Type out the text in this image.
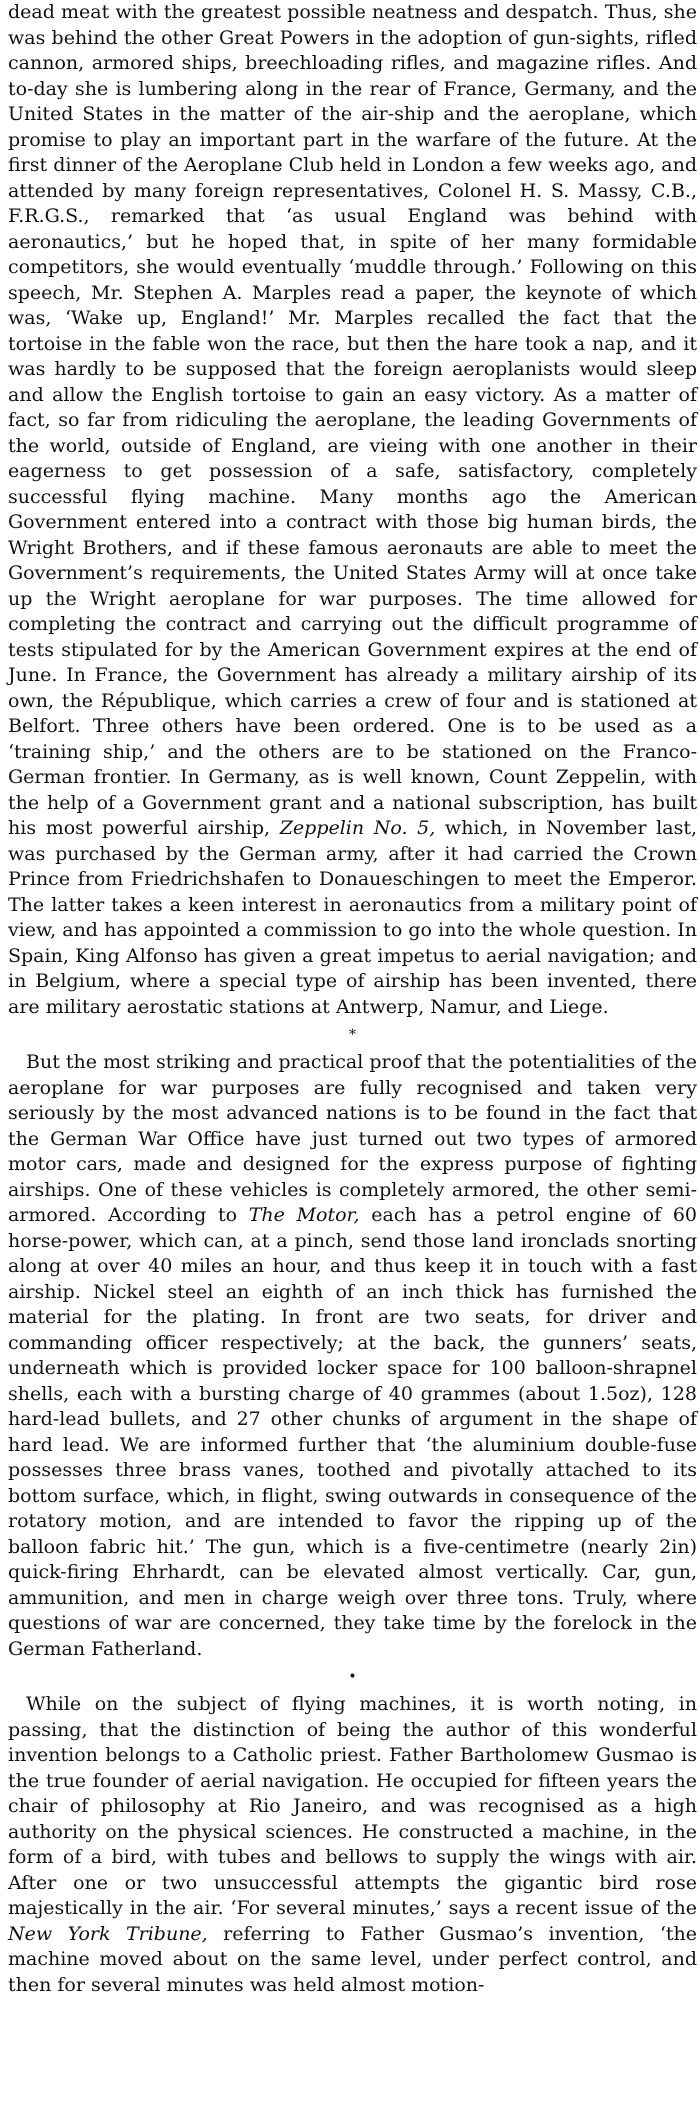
dead meat with the greatest possible neatness and despatch. Thus, she was behind the other Great Powers in the adoption of gun-sights, rifled cannon, armored ships, breechloading rifles, and magazine rifles. And to-day she is lumbering along in the rear of France, Germany, and the United States in the matter of the air-ship and the aeroplane, which promise to play an important part in the warfare of the future. At the first dinner of the Aeroplane Club held in London a few weeks ago, and attended by many foreign representatives, Colonel H. S. Massy, C.B., F.R.G.S., remarked that ‘as usual England was behind with aeronautics,’ but he hoped that, in spite of her many formidable competitors, she would eventually ‘muddle through.’ Following on this speech, Mr. Stephen A. Marples read a paper, the keynote of which was, ‘Wake up, England!’ Mr. Marples recalled the fact that the tortoise in the fable won the race, but then the hare took a nap, and it was hardly to be supposed that the foreign aeroplanists would sleep and allow the English tortoise to gain an easy victory. As a matter of fact, so far from ridiculing the aeroplane, the leading Governments of the world, outside of England, are vieing with one another in their eagerness to get possession of a safe, satisfactory, completely successful flying machine. Many months ago the American Government entered into a contract with those big human birds, the Wright Brothers, and if these famous aeronauts are able to meet the Government’s requirements, the United States Army will at once take up the Wright aeroplane for war purposes. The time allowed for completing the contract and carrying out the difficult programme of tests stipulated for by the American Government expires at the end of June. In France, the Government has already a military airship of its own, the République, which carries a crew of four and is stationed at Belfort. Three others have been ordered. One is to be used as a ‘training ship,’ and the others are to be stationed on the Franco-German frontier. In Germany, as is well known, Count Zeppelin, with the help of a Government grant and a national subscription, has built his most powerful airship, Zeppelin No. 5, which, in November last, was purchased by the German army, after it had carried the Crown Prince from Friedrichshafen to Donaueschingen to meet the Emperor. The latter takes a keen interest in aeronautics from a military point of view, and has appointed a commission to go into the whole question. In Spain, King Alfonso has given a great impetus to aerial navigation; and in Belgium, where a special type of airship has been invented, there are military aerostatic stations at Antwerp, Namur, and Liege.

*

But the most striking and practical proof that the potentialities of the aeroplane for war purposes are fully recognised and taken very seriously by the most advanced nations is to be found in the fact that the German War Office have just turned out two types of armored motor cars, made and designed for the express purpose of fighting airships. One of these vehicles is completely armored, the other semi-armored. According to The Motor, each has a petrol engine of 60 horse-power, which can, at a pinch, send those land ironclads snorting along at over 40 miles an hour, and thus keep it in touch with a fast airship. Nickel steel an eighth of an inch thick has furnished the material for the plating. In front are two seats, for driver and commanding officer respectively; at the back, the gunners’ seats, underneath which is provided locker space for 100 balloon-shrapnel shells, each with a bursting charge of 40 grammes (about 1.5oz), 128 hard-lead bullets, and 27 other chunks of argument in the shape of hard lead. We are informed further that ‘the aluminium double-fuse possesses three brass vanes, toothed and pivotally attached to its bottom surface, which, in flight, swing outwards in consequence of the rotatory motion, and are intended to favor the ripping up of the balloon fabric hit.’ The gun, which is a five-centimetre (nearly 2in) quick-firing Ehrhardt, can be elevated almost vertically. Car, gun, ammunition, and men in charge weigh over three tons. Truly, where questions of war are concerned, they take time by the forelock in the German Fatherland.

•

While on the subject of flying machines, it is worth noting, in passing, that the distinction of being the author of this wonderful invention belongs to a Catholic priest. Father Bartholomew Gusmao is the true founder of aerial navigation. He occupied for fifteen years the chair of philosophy at Rio Janeiro, and was recognised as a high authority on the physical sciences. He constructed a machine, in the form of a bird, with tubes and bellows to supply the wings with air. After one or two unsuccessful attempts the gigantic bird rose majestically in the air. ‘For several minutes,’ says a recent issue of the New York Tribune, referring to Father Gusmao’s invention, ‘the machine moved about on the same level, under perfect control, and then for several minutes was held almost motion-
